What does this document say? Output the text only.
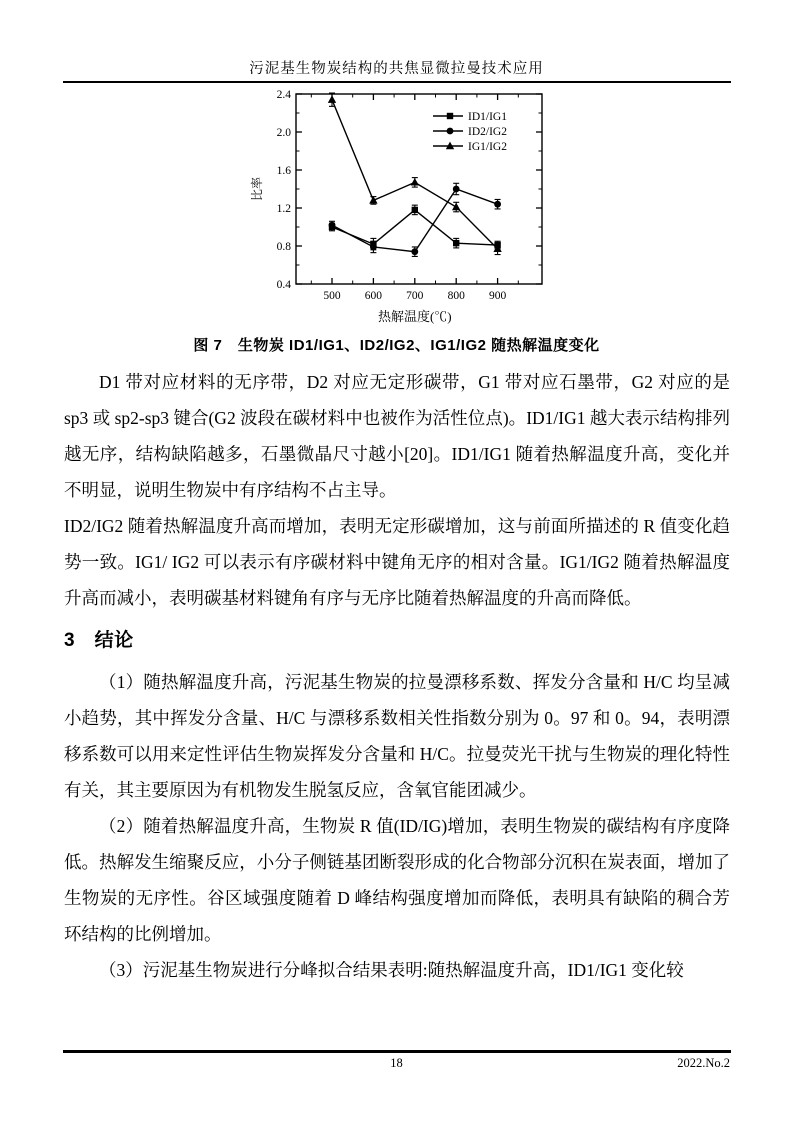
污泥基生物炭结构的共焦显微拉曼技术应用
0.4
0.8
1.2
1.6
2.0
2.4
500 600 700 800 900
热解温度(℃)
比率
ID1/IG1
ID2/IG2
IG1/IG2
图 7　生物炭 ID1/IG1、ID2/IG2、IG1/IG2 随热解温度变化

D1 带对应材料的无序带，D2 对应无定形碳带，G1 带对应石墨带，G2 对应的是 sp3 或 sp2-sp3 键合(G2 波段在碳材料中也被作为活性位点)。ID1/IG1 越大表示结构排列越无序，结构缺陷越多，石墨微晶尺寸越小[20]。ID1/IG1 随着热解温度升高，变化并不明显，说明生物炭中有序结构不占主导。

ID2/IG2 随着热解温度升高而增加，表明无定形碳增加，这与前面所描述的 R 值变化趋势一致。IG1/ IG2 可以表示有序碳材料中键角无序的相对含量。IG1/IG2 随着热解温度升高而减小，表明碳基材料键角有序与无序比随着热解温度的升高而降低。

3　结论

（1）随热解温度升高，污泥基生物炭的拉曼漂移系数、挥发分含量和 H/C 均呈减小趋势，其中挥发分含量、H/C 与漂移系数相关性指数分别为 0。97 和 0。94，表明漂移系数可以用来定性评估生物炭挥发分含量和 H/C。拉曼荧光干扰与生物炭的理化特性有关，其主要原因为有机物发生脱氢反应，含氧官能团减少。

（2）随着热解温度升高，生物炭 R 值(ID/IG)增加，表明生物炭的碳结构有序度降低。热解发生缩聚反应，小分子侧链基团断裂形成的化合物部分沉积在炭表面，增加了生物炭的无序性。谷区域强度随着 D 峰结构强度增加而降低，表明具有缺陷的稠合芳环结构的比例增加。

（3）污泥基生物炭进行分峰拟合结果表明:随热解温度升高，ID1/IG1 变化较

18	2022.No.2
